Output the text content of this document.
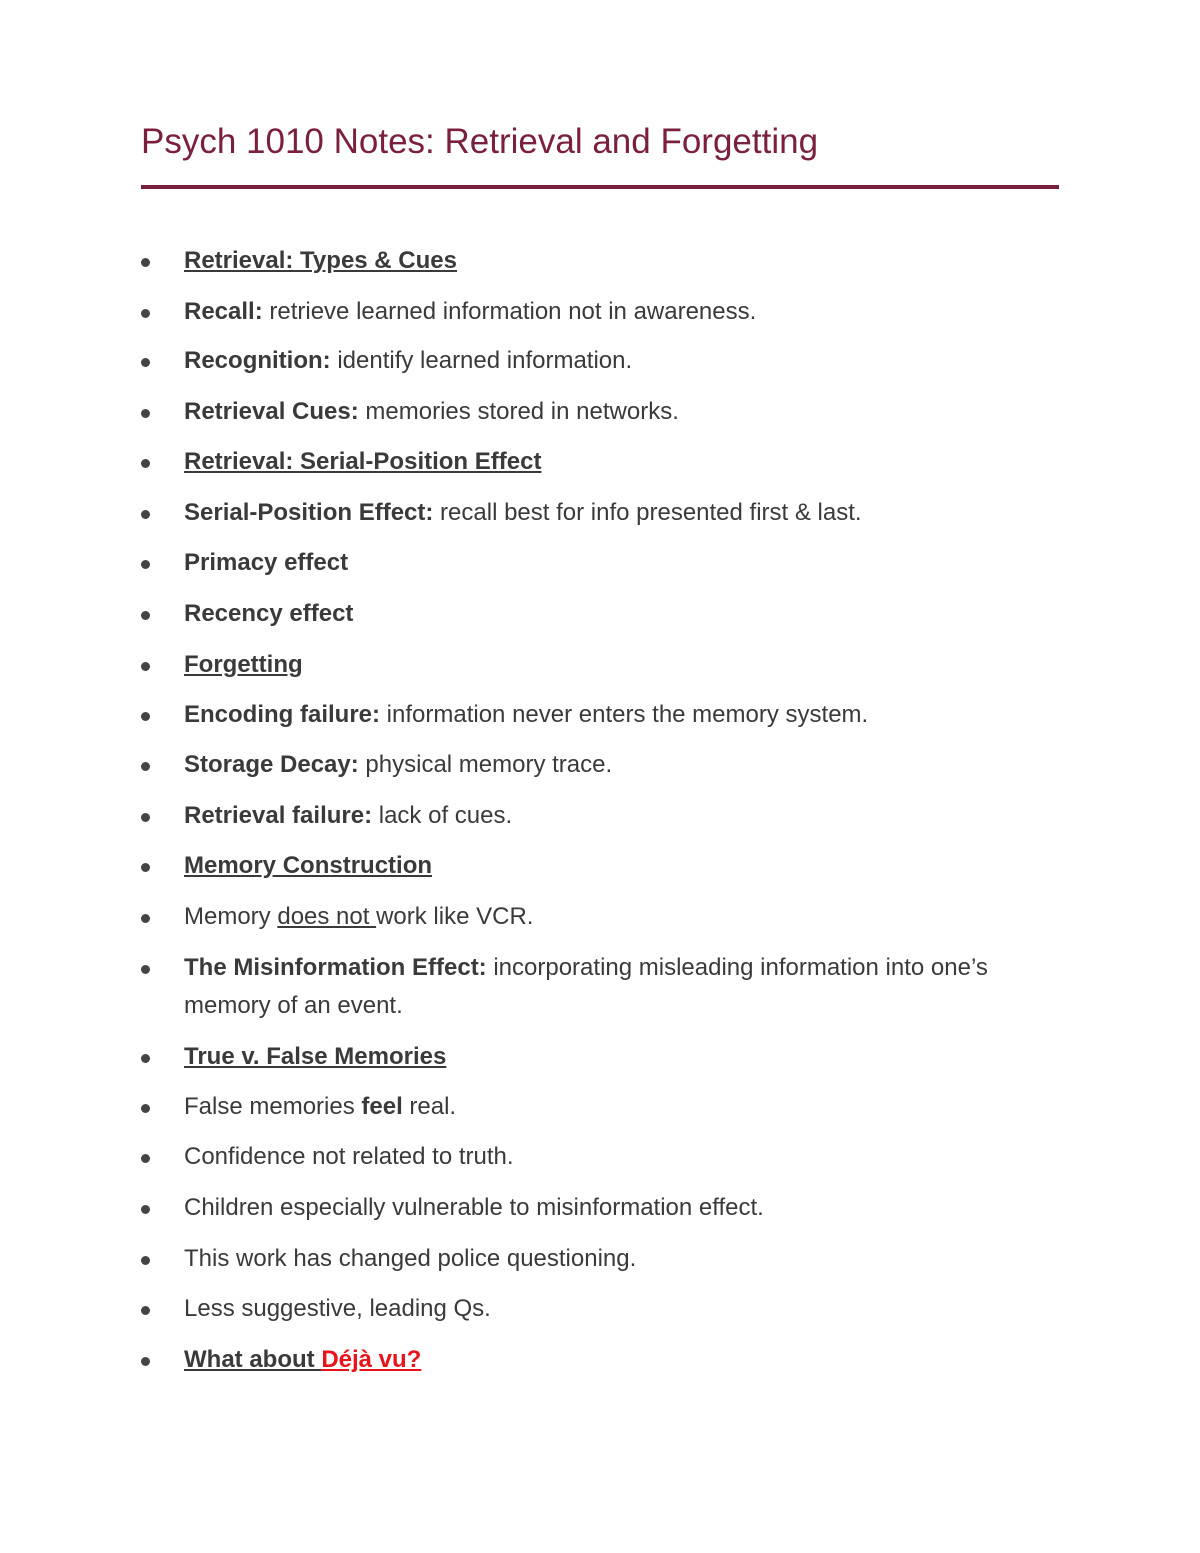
Psych 1010 Notes: Retrieval and Forgetting
Retrieval: Types & Cues
Recall: retrieve learned information not in awareness.
Recognition: identify learned information.
Retrieval Cues: memories stored in networks.
Retrieval: Serial-Position Effect
Serial-Position Effect: recall best for info presented first & last.
Primacy effect
Recency effect
Forgetting
Encoding failure: information never enters the memory system.
Storage Decay: physical memory trace.
Retrieval failure: lack of cues.
Memory Construction
Memory does not work like VCR.
The Misinformation Effect: incorporating misleading information into one’s memory of an event.
True v. False Memories
False memories feel real.
Confidence not related to truth.
Children especially vulnerable to misinformation effect.
This work has changed police questioning.
Less suggestive, leading Qs.
What about Déjà vu?
